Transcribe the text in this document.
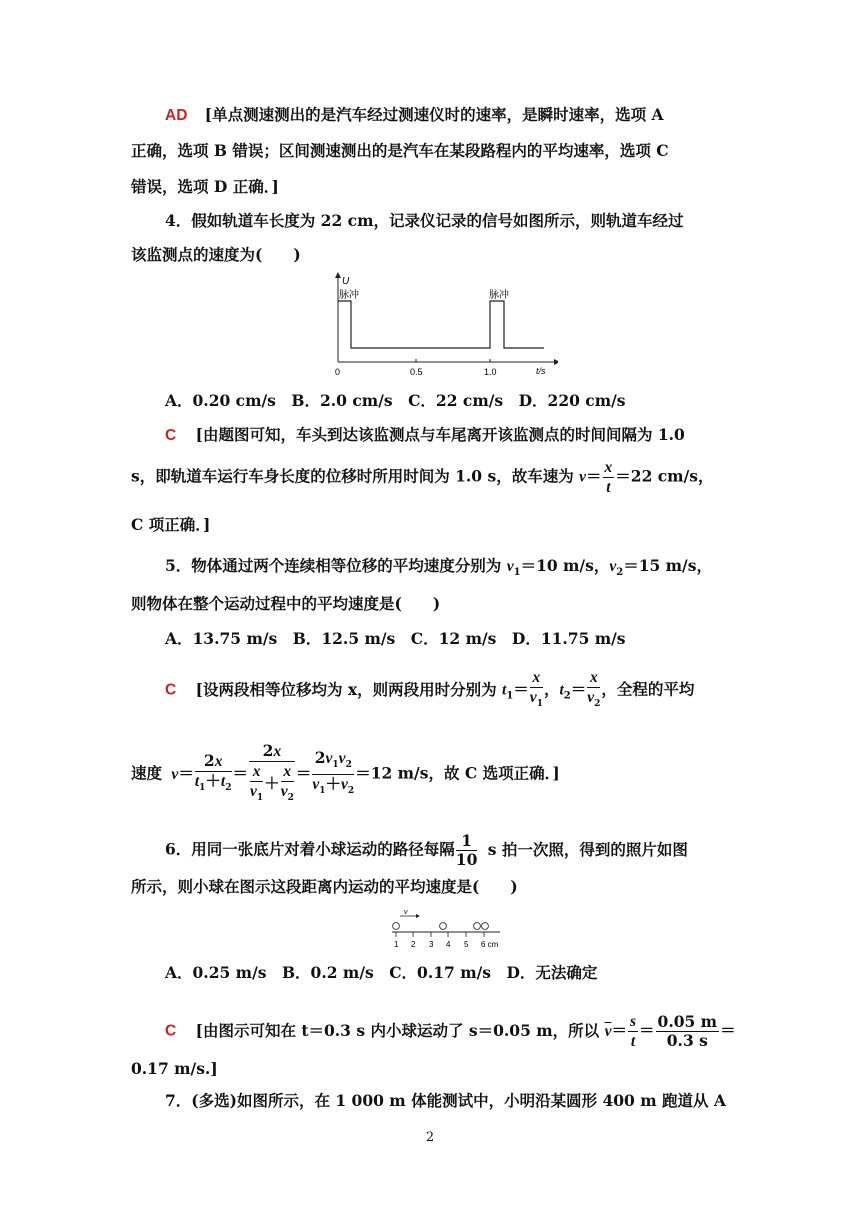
AD [单点测速测出的是汽车经过测速仪时的速率，是瞬时速率，选项 A
正确，选项 B 错误；区间测速测出的是汽车在某段路程内的平均速率，选项 C
错误，选项 D 正确．]
4．假如轨道车长度为 22 cm，记录仪记录的信号如图所示，则轨道车经过
该监测点的速度为(　　)
U
脉冲	脉冲
0	0.5	1.0	t/s
A．0.20 cm/s　B．2.0 cm/s　C．22 cm/s　D．220 cm/s
C [由题图可知，车头到达该监测点与车尾离开该监测点的时间间隔为 1.0
s，即轨道车运行车身长度的位移时所用时间为 1.0 s，故车速为 $v= \frac{x}{t} =22$ cm/s，
C 项正确．]
5．物体通过两个连续相等位移的平均速度分别为 $v_1=10$ m/s，$v_2=15$ m/s，
则物体在整个运动过程中的平均速度是(　　)
A．13.75 m/s　B．12.5 m/s　C．12 m/s　D．11.75 m/s
C [设两段相等位移均为 x，则两段用时分别为 $t_1= \frac{x}{v_1}$ ，$t_2= \frac{x}{v_2}$ ，全程的平均
速度 $v= \frac{2x}{t_1+t_2} = \frac{2x}{\frac{x}{v_1} + \frac{x}{v_2}} = \frac{2v_1v_2}{v_1+v_2} =12$ m/s，故 C 选项正确．]
6．用同一张底片对着小球运动的路径每隔 $\frac{1}{10}$ s 拍一次照，得到的照片如图
所示，则小球在图示这段距离内运动的平均速度是(　　)
v
1 2 3 4 5 6 cm
A．0.25 m/s　B．0.2 m/s　C．0.17 m/s　D．无法确定
C [由图示可知在 t＝0.3 s 内小球运动了 s＝0.05 m，所以 $\overline{v}= \frac{s}{t} = \frac{0.05 m}{0.3 s}$ ＝
0.17 m/s.]
7．(多选)如图所示，在 1 000 m 体能测试中，小明沿某圆形 400 m 跑道从 A
2
